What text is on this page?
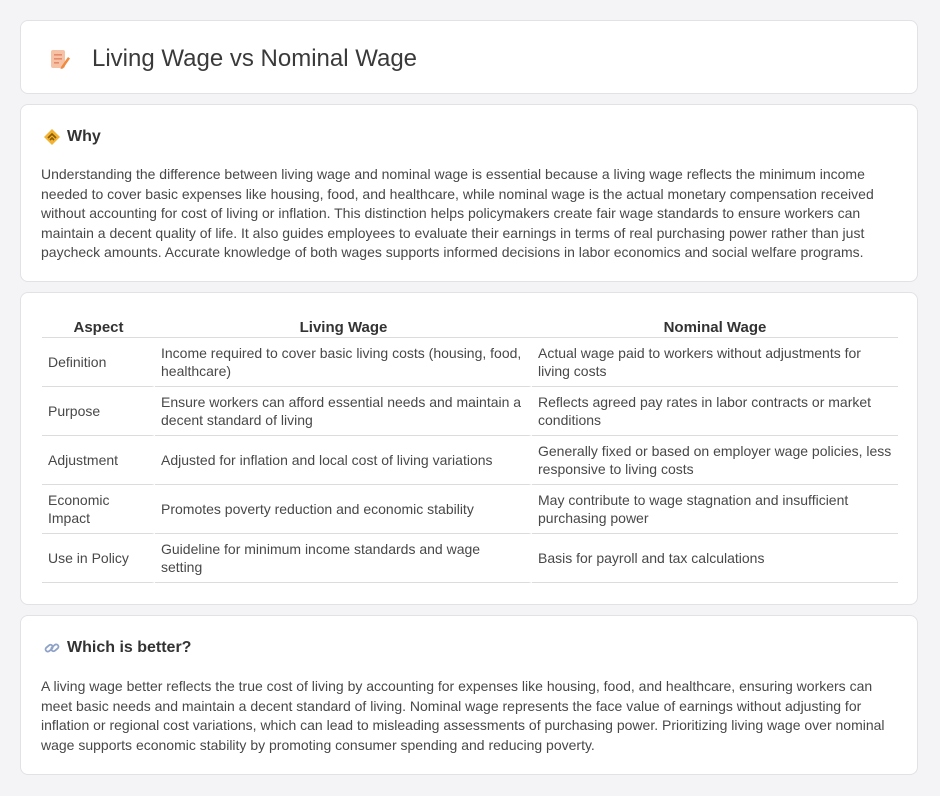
Living Wage vs Nominal Wage
Why

Understanding the difference between living wage and nominal wage is essential because a living wage reflects the minimum income needed to cover basic expenses like housing, food, and healthcare, while nominal wage is the actual monetary compensation received without accounting for cost of living or inflation. This distinction helps policymakers create fair wage standards to ensure workers can maintain a decent quality of life. It also guides employees to evaluate their earnings in terms of real purchasing power rather than just paycheck amounts. Accurate knowledge of both wages supports informed decisions in labor economics and social welfare programs.

Aspect	Living Wage	Nominal Wage
Definition	Income required to cover basic living costs (housing, food, healthcare)	Actual wage paid to workers without adjustments for living costs
Purpose	Ensure workers can afford essential needs and maintain a decent standard of living	Reflects agreed pay rates in labor contracts or market conditions
Adjustment	Adjusted for inflation and local cost of living variations	Generally fixed or based on employer wage policies, less responsive to living costs
Economic Impact	Promotes poverty reduction and economic stability	May contribute to wage stagnation and insufficient purchasing power
Use in Policy	Guideline for minimum income standards and wage setting	Basis for payroll and tax calculations
Which is better?

A living wage better reflects the true cost of living by accounting for expenses like housing, food, and healthcare, ensuring workers can meet basic needs and maintain a decent standard of living. Nominal wage represents the face value of earnings without adjusting for inflation or regional cost variations, which can lead to misleading assessments of purchasing power. Prioritizing living wage over nominal wage supports economic stability by promoting consumer spending and reducing poverty.
